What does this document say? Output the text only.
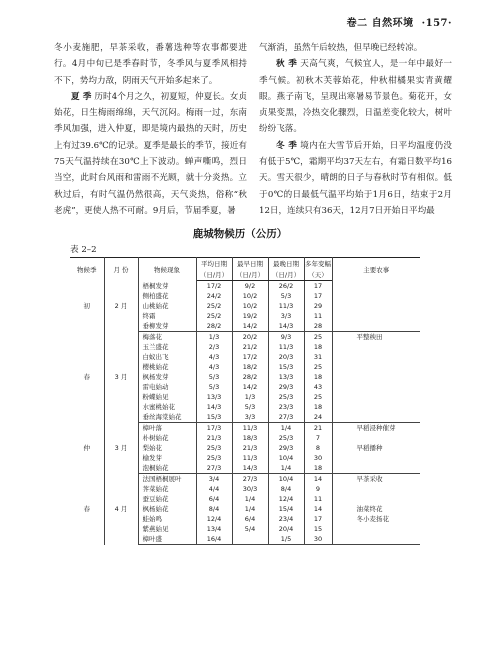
卷二 自然环境 ·157·

冬小麦施肥，早茶采收，番薯选种等农事都要进行。4月中旬已是季春时节，冬季风与夏季风相持不下，势均力敌，阴雨天气开始多起来了。

夏 季 历时4个月之久，初夏短，仲夏长。女贞始花，日生梅雨绵绵，天气沉闷。梅雨一过，东南季风加强，进入仲夏，即是境内最热的天时，历史上有过39.6℃的记录。夏季是最长的季节，接近有75天气温持续在30℃上下波动。蝉声嘶鸣，烈日当空，此时台风雨和雷雨不光顾，就十分炎热。立秋过后，有时气温仍然很高，天气炎热，俗称“秋老虎”，更使人热不可耐。9月后，节届季夏，暑

气渐消，虽然午后较热，但早晚已经转凉。

秋 季 天高气爽，气候宜人，是一年中最好一季气候。初秋木芙蓉始花，仲秋柑橘果实青黄耀眼。燕子南飞，呈现出寒暑易节景色。菊花开，女贞果变黑，冷热交化骤烈，日温差变化较大，树叶纷纷飞落。

冬 季 境内在大雪节后开始，日平均温度仍没有低于5℃，霜期平均37天左右，有霜日数平均16天。雪天很少，晴朗的日子与春秋时节有相似。低于0℃的日最低气温平均始于1月6日，结束于2月12日，连续只有36天，12月7日开始日平均最

鹿城物候历（公历）
表 2–2
物候季	月 份	物候现象	平均日期	最早日期	最晚日期	多年变幅	主要农事
			（日/月）	（日/月）	（日/月）	（天）	
初	2 月	梧桐发芽	17/2	9/2	26/2	17	
		侧柏盛花	24/2	10/2	5/3	17	
		山桃始花	25/2	10/2	11/3	29	
		终霜	25/2	19/2	3/3	11	
		垂柳发芽	28/2	14/2	14/3	28	
春	3 月	梅落花	1/3	20/2	9/3	25	平整秧田
		玉兰盛花	2/3	21/2	11/3	18	
		白蚁出飞	4/3	17/2	20/3	31	
		樱桃始花	4/3	18/2	15/3	25	
		枫杨发芽	5/3	28/2	13/3	18	
		雷电始动	5/3	14/2	29/3	43	
		粉蝶始见	13/3	1/3	25/3	25	
		水蜜桃始花	14/3	5/3	23/3	18	
		垂丝海棠始花	15/3	3/3	27/3	24	
仲	3 月	樟叶落	17/3	11/3	1/4	21	早稻浸种催芽
		朴树始花	21/3	18/3	25/3	7	
		梨始花	25/3	21/3	29/3	8	早稻播种
		榆发芽	25/3	11/3	10/4	30	
		泡桐始花	27/3	14/3	1/4	18	
春	4 月	法国梧桐展叶	3/4	27/3	10/4	14	早茶采收
		荠菜始花	4/4	30/3	8/4	9	
		蚕豆始花	6/4	1/4	12/4	11	
		枫杨始花	8/4	1/4	15/4	14	油菜终花
		蛙始鸣	12/4	6/4	23/4	17	冬小麦扬花
		紫燕始见	13/4	5/4	20/4	15	
		樟叶盛	16/4		1/5	30	
